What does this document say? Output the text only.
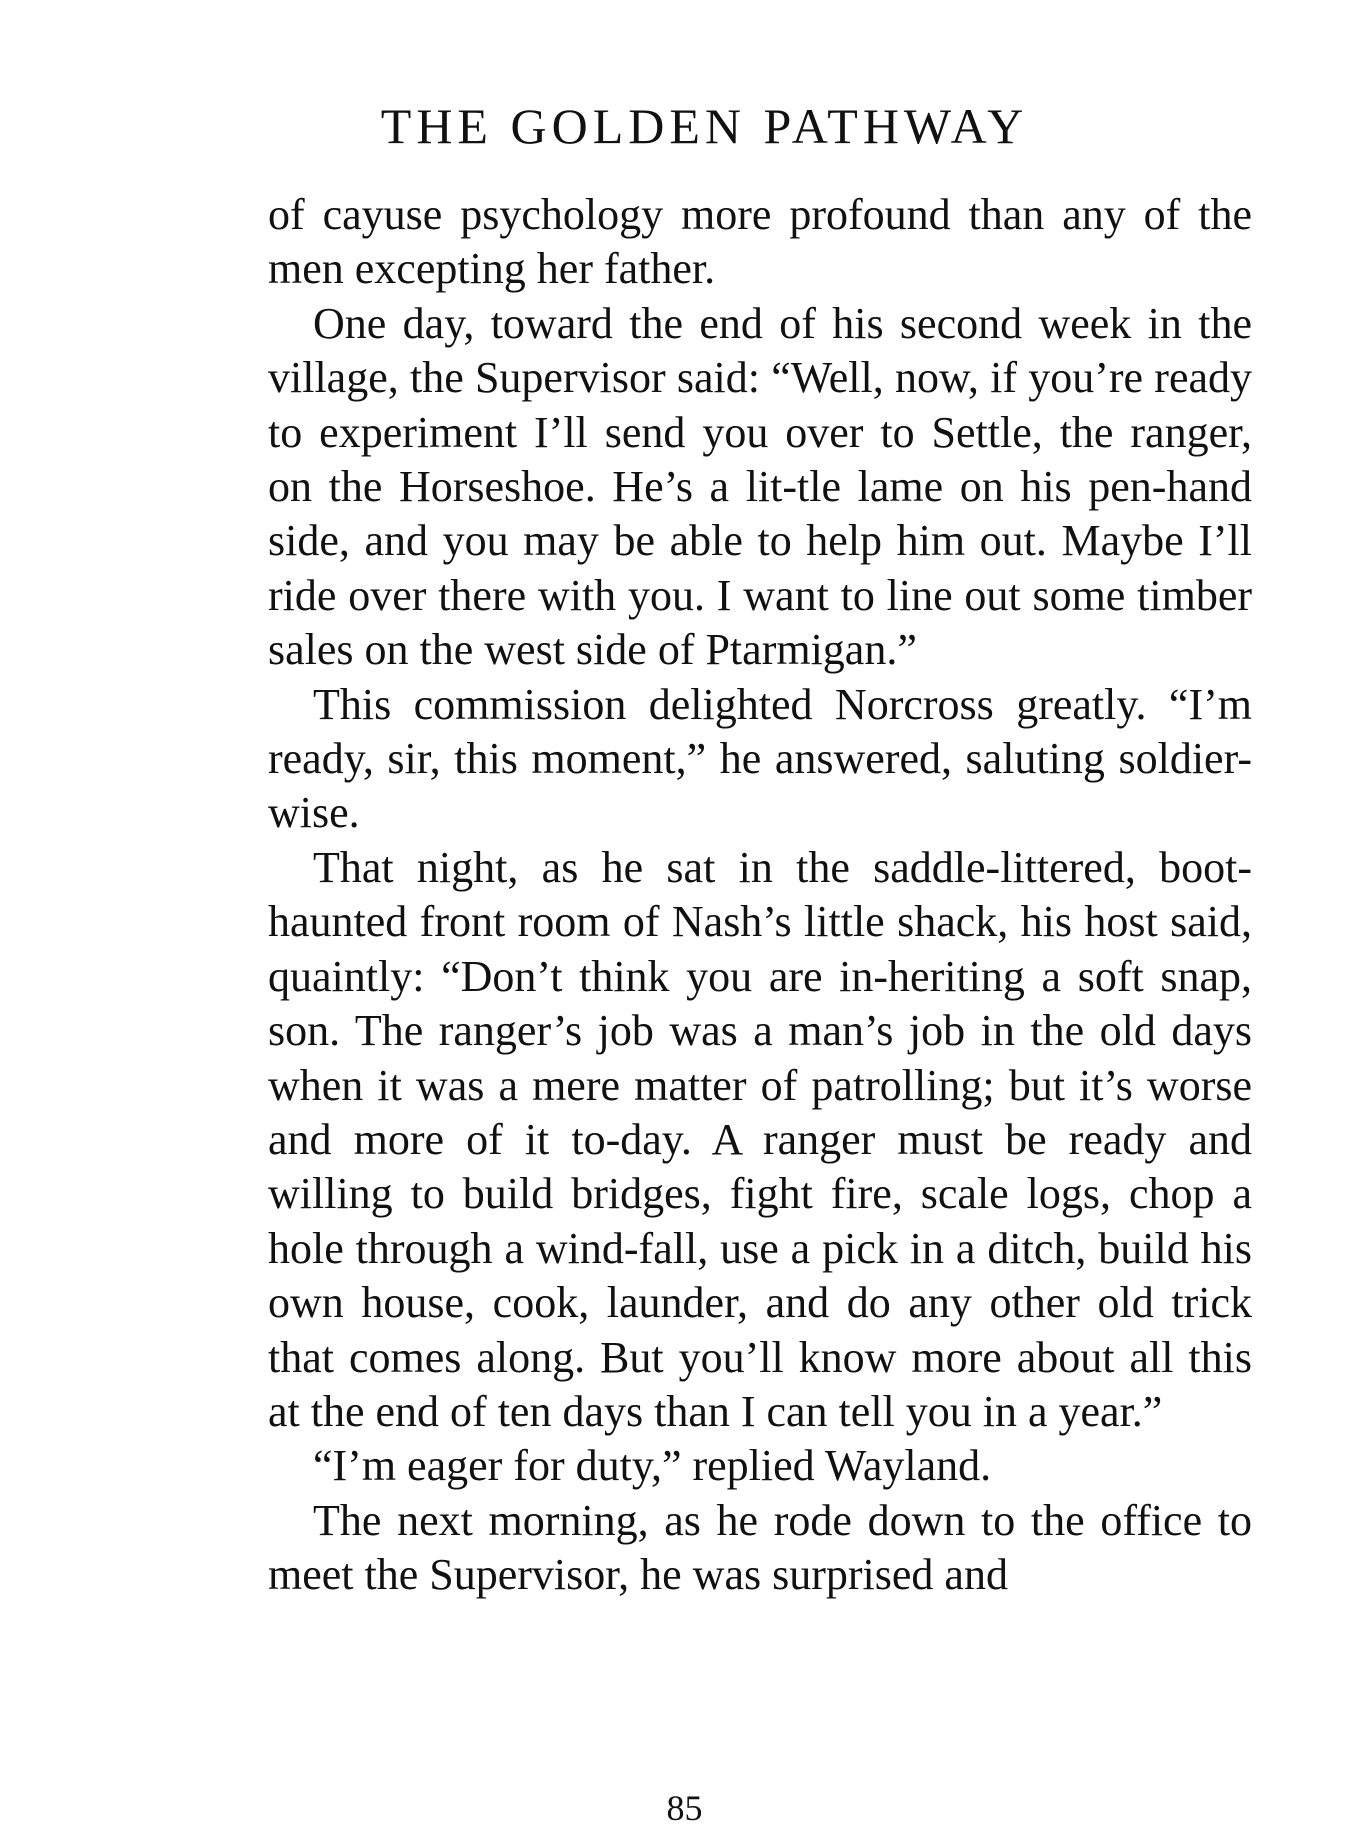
THE GOLDEN PATHWAY

of cayuse psychology more profound than any of the men excepting her father.

One day, toward the end of his second week in the village, the Supervisor said: “Well, now, if you’re ready to experiment I’ll send you over to Settle, the ranger, on the Horseshoe. He’s a lit-tle lame on his pen-hand side, and you may be able to help him out. Maybe I’ll ride over there with you. I want to line out some timber sales on the west side of Ptarmigan.”

This commission delighted Norcross greatly. “I’m ready, sir, this moment,” he answered, saluting soldier-wise.

That night, as he sat in the saddle-littered, boot-haunted front room of Nash’s little shack, his host said, quaintly: “Don’t think you are in-heriting a soft snap, son. The ranger’s job was a man’s job in the old days when it was a mere matter of patrolling; but it’s worse and more of it to-day. A ranger must be ready and willing to build bridges, fight fire, scale logs, chop a hole through a wind-fall, use a pick in a ditch, build his own house, cook, launder, and do any other old trick that comes along. But you’ll know more about all this at the end of ten days than I can tell you in a year.”

“I’m eager for duty,” replied Wayland.

The next morning, as he rode down to the office to meet the Supervisor, he was surprised and

85
